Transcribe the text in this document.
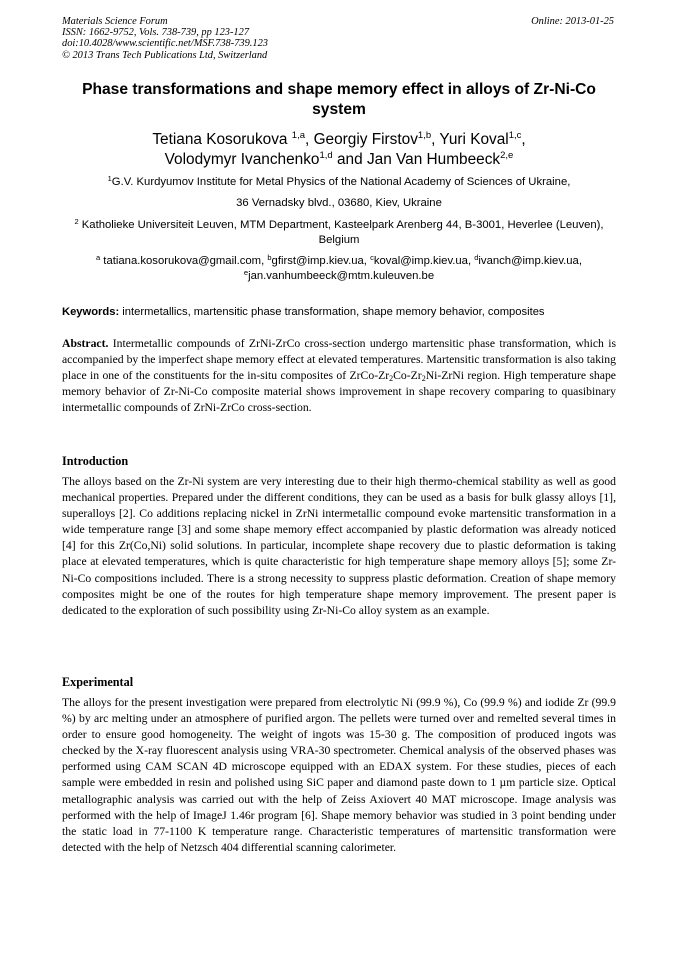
Materials Science Forum
ISSN: 1662-9752, Vols. 738-739, pp 123-127
doi:10.4028/www.scientific.net/MSF.738-739.123
© 2013 Trans Tech Publications Ltd, Switzerland
Online: 2013-01-25
Phase transformations and shape memory effect in alloys of Zr-Ni-Co system
Tetiana Kosorukova $^{1,a}$, Georgiy Firstov$^{1,b}$, Yuri Koval$^{1,c}$,
Volodymyr Ivanchenko$^{1,d}$ and Jan Van Humbeeck$^{2,e}$
$^1$G.V. Kurdyumov Institute for Metal Physics of the National Academy of Sciences of Ukraine,
36 Vernadsky blvd., 03680, Kiev, Ukraine
$^2$ Katholieke Universiteit Leuven, MTM Department, Kasteelpark Arenberg 44, B-3001, Heverlee (Leuven), Belgium
$^a$ tatiana.kosorukova@gmail.com, $^b$gfirst@imp.kiev.ua, $^c$koval@imp.kiev.ua, $^d$ivanch@imp.kiev.ua,
$^e$jan.vanhumbeeck@mtm.kuleuven.be
Keywords: intermetallics, martensitic phase transformation, shape memory behavior, composites
Abstract. Intermetallic compounds of ZrNi-ZrCo cross-section undergo martensitic phase transformation, which is accompanied by the imperfect shape memory effect at elevated temperatures. Martensitic transformation is also taking place in one of the constituents for the in-situ composites of ZrCo-$Zr_2Co-Zr_2Ni$-ZrNi region. High temperature shape memory behavior of Zr-Ni-Co composite material shows improvement in shape recovery comparing to quasibinary intermetallic compounds of ZrNi-ZrCo cross-section.
Introduction
The alloys based on the Zr-Ni system are very interesting due to their high thermo-chemical stability as well as good mechanical properties. Prepared under the different conditions, they can be used as a basis for bulk glassy alloys [1], superalloys [2]. Co additions replacing nickel in ZrNi intermetallic compound evoke martensitic transformation in a wide temperature range [3] and some shape memory effect accompanied by plastic deformation was already noticed [4] for this Zr(Co,Ni) solid solutions. In particular, incomplete shape recovery due to plastic deformation is taking place at elevated temperatures, which is quite characteristic for high temperature shape memory alloys [5]; some Zr-Ni-Co compositions included. There is a strong necessity to suppress plastic deformation. Creation of shape memory composites might be one of the routes for high temperature shape memory improvement. The present paper is dedicated to the exploration of such possibility using Zr-Ni-Co alloy system as an example.
Experimental
The alloys for the present investigation were prepared from electrolytic Ni (99.9 %), Co (99.9 %) and iodide Zr (99.9 %) by arc melting under an atmosphere of purified argon. The pellets were turned over and remelted several times in order to ensure good homogeneity. The weight of ingots was 15-30 g. The composition of produced ingots was checked by the X-ray fluorescent analysis using VRA-30 spectrometer. Chemical analysis of the observed phases was performed using CAM SCAN 4D microscope equipped with an EDAX system. For these studies, pieces of each sample were embedded in resin and polished using SiC paper and diamond paste down to 1 µm particle size. Optical metallographic analysis was carried out with the help of Zeiss Axiovert 40 MAT microscope. Image analysis was performed with the help of ImageJ 1.46r program [6]. Shape memory behavior was studied in 3 point bending under the static load in 77-1100 K temperature range. Characteristic temperatures of martensitic transformation were detected with the help of Netzsch 404 differential scanning calorimeter.
